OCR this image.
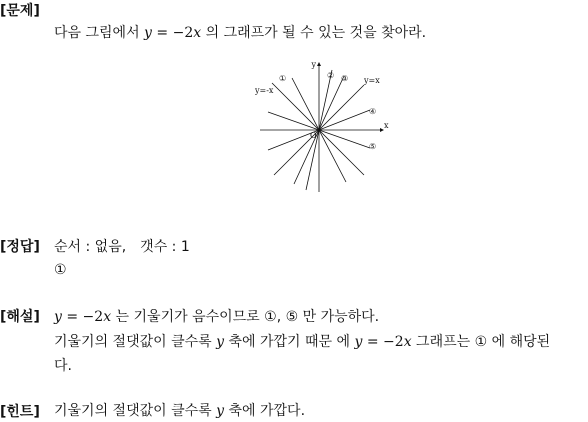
[문제]
다음 그림에서 y = −2x 의 그래프가 될 수 있는 것을 찾아라.
y
x
O
y=-x
y=x
①	② ③
④
⑤
[정답] 순서 : 없음, 갯수 : 1
①
[해설] y = −2x 는 기울기가 음수이므로 ①, ⑤ 만 가능하다.
기울기의 절댓값이 클수록 y 축에 가깝기 때문 에 y = −2x 그래프는 ① 에 해당된
다.
[힌트] 기울기의 절댓값이 클수록 y 축에 가깝다.
